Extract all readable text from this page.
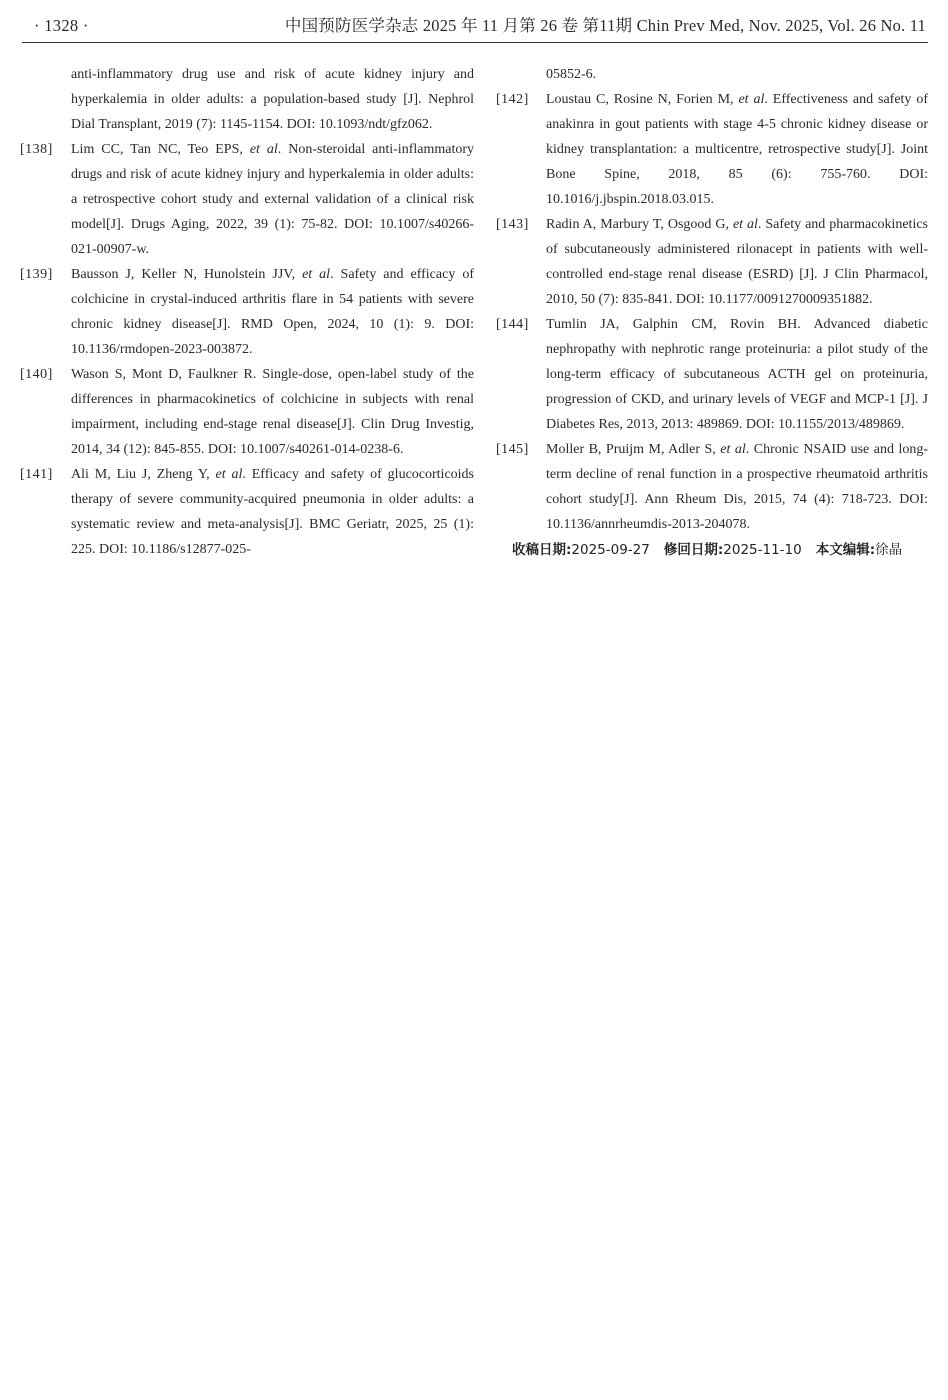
· 1328 ·	中国预防医学杂志 2025 年 11 月第 26 卷 第11期 Chin Prev Med, Nov. 2025, Vol. 26 No. 11
anti-inflammatory drug use and risk of acute kidney injury and hyperkalemia in older adults: a population-based study [J]. Nephrol Dial Transplant, 2019 (7): 1145-1154. DOI: 10.1093/ndt/gfz062.
[138]	Lim CC, Tan NC, Teo EPS, et al. Non-steroidal anti-inflammatory drugs and risk of acute kidney injury and hyperkalemia in older adults: a retrospective cohort study and external validation of a clinical risk model[J]. Drugs Aging, 2022, 39 (1): 75-82. DOI: 10.1007/s40266-021-00907-w.
[139]	Bausson J, Keller N, Hunolstein JJV, et al. Safety and efficacy of colchicine in crystal-induced arthritis flare in 54 patients with severe chronic kidney disease[J]. RMD Open, 2024, 10 (1): 9. DOI: 10.1136/rmdopen-2023-003872.
[140]	Wason S, Mont D, Faulkner R. Single-dose, open-label study of the differences in pharmacokinetics of colchicine in subjects with renal impairment, including end-stage renal disease[J]. Clin Drug Investig, 2014, 34 (12): 845-855. DOI: 10.1007/s40261-014-0238-6.
[141]	Ali M, Liu J, Zheng Y, et al. Efficacy and safety of glucocorticoids therapy of severe community-acquired pneumonia in older adults: a systematic review and meta-analysis[J]. BMC Geriatr, 2025, 25 (1): 225. DOI: 10.1186/s12877-025-
05852-6.
[142]	Loustau C, Rosine N, Forien M, et al. Effectiveness and safety of anakinra in gout patients with stage 4-5 chronic kidney disease or kidney transplantation: a multicentre, retrospective study[J]. Joint Bone Spine, 2018, 85 (6): 755-760. DOI: 10.1016/j.jbspin.2018.03.015.
[143]	Radin A, Marbury T, Osgood G, et al. Safety and pharmacokinetics of subcutaneously administered rilonacept in patients with well-controlled end-stage renal disease (ESRD) [J]. J Clin Pharmacol, 2010, 50 (7): 835-841. DOI: 10.1177/0091270009351882.
[144]	Tumlin JA, Galphin CM, Rovin BH. Advanced diabetic nephropathy with nephrotic range proteinuria: a pilot study of the long-term efficacy of subcutaneous ACTH gel on proteinuria, progression of CKD, and urinary levels of VEGF and MCP-1 [J]. J Diabetes Res, 2013, 2013: 489869. DOI: 10.1155/2013/489869.
[145]	Moller B, Pruijm M, Adler S, et al. Chronic NSAID use and long-term decline of renal function in a prospective rheumatoid arthritis cohort study[J]. Ann Rheum Dis, 2015, 74 (4): 718-723. DOI: 10.1136/annrheumdis-2013-204078.
收稿日期:2025-09-27 修回日期:2025-11-10 本文编辑:徐晶
